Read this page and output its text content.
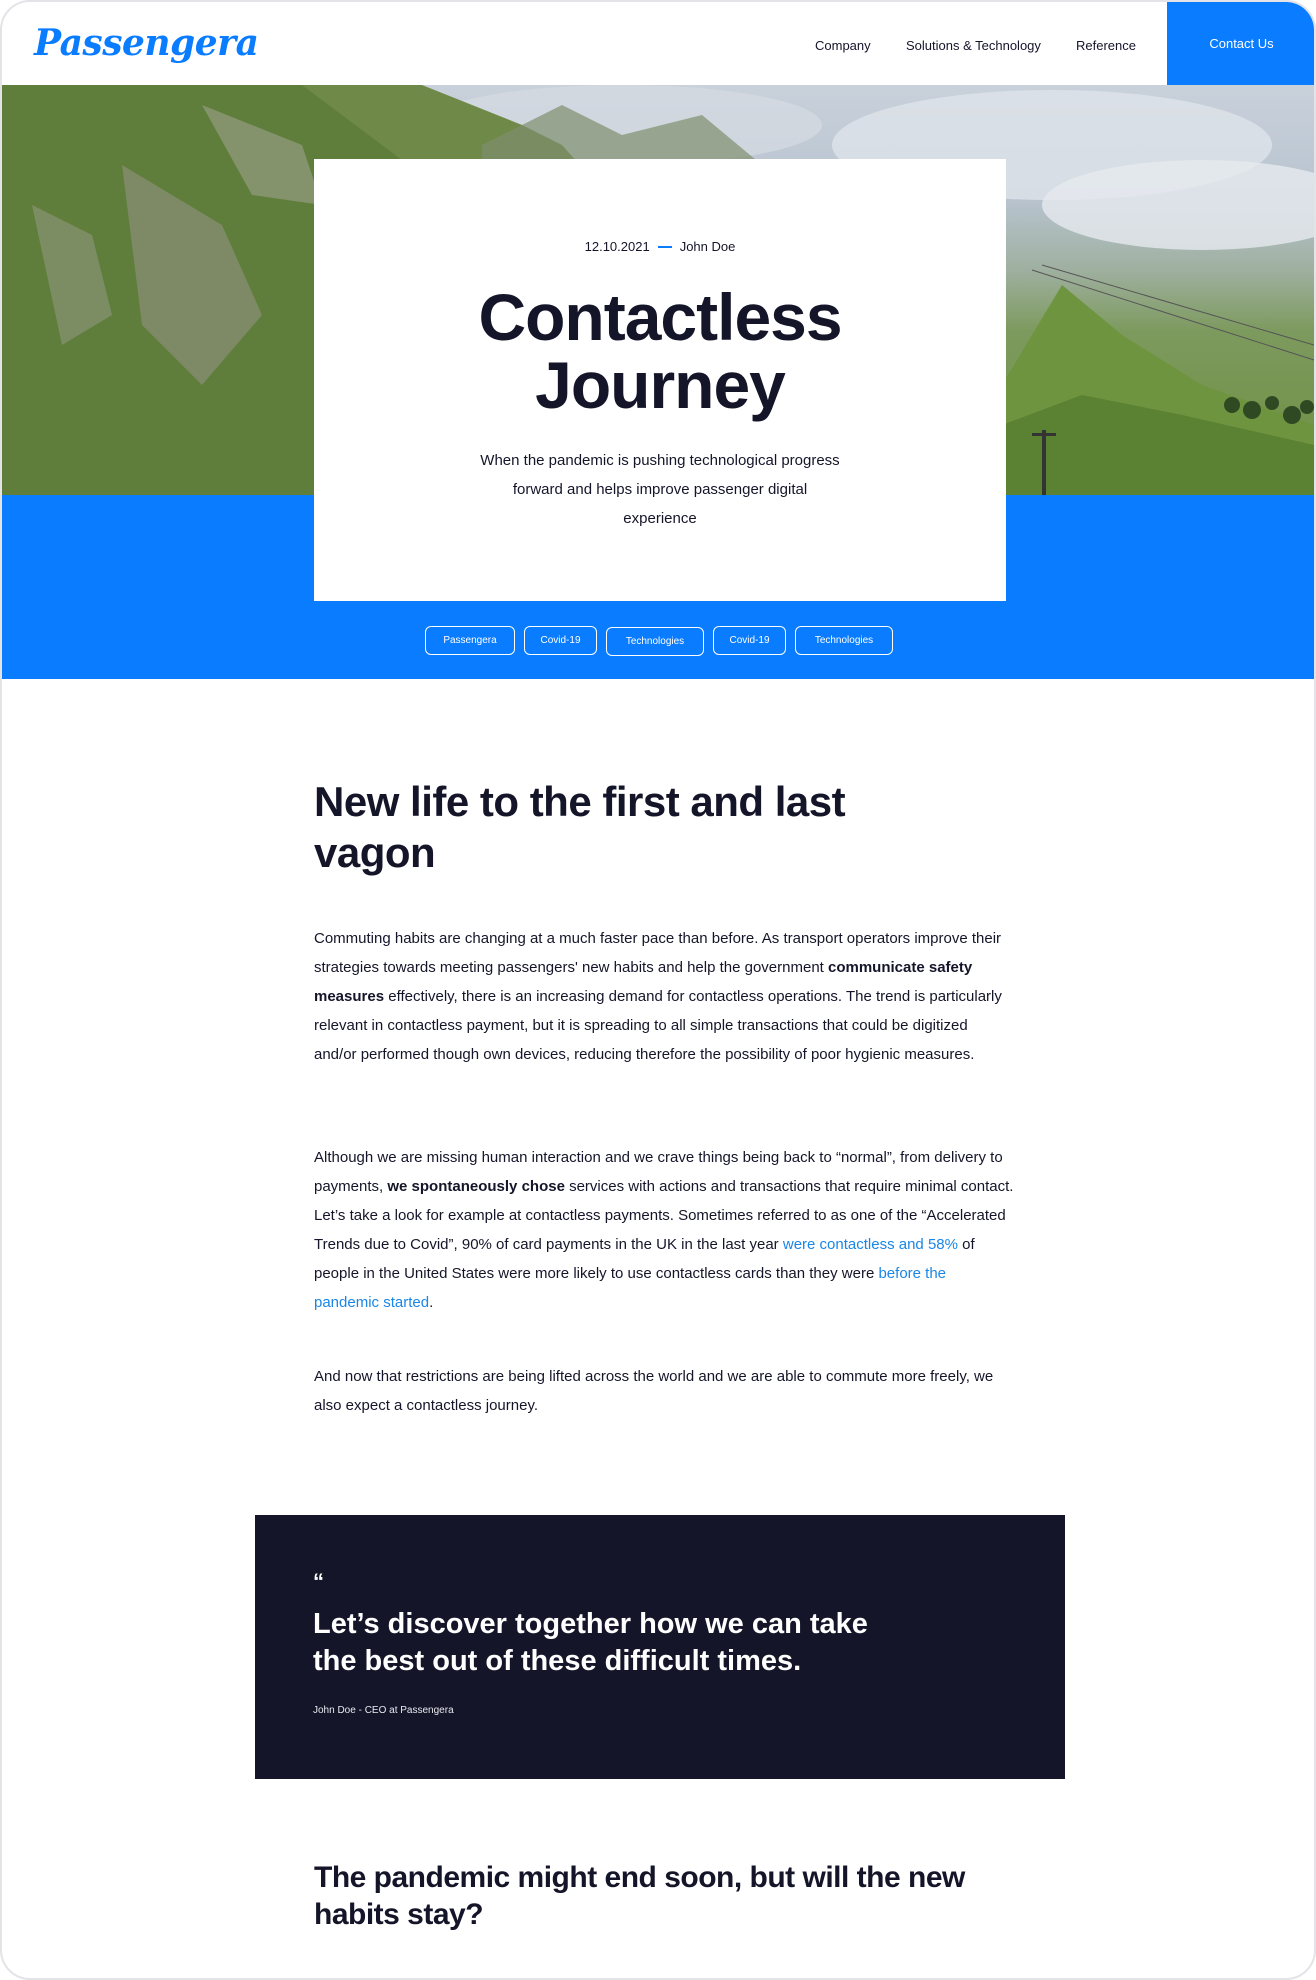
Passengera	Company	Solutions & Technology	Reference	Contact Us
12.10.2021 John Doe
Contactless
Journey
When the pandemic is pushing technological progress forward and helps improve passenger digital experience
Passengera	Covid-19	Technologies	Covid-19	Technologies
New life to the first and last vagon
Commuting habits are changing at a much faster pace than before. As transport operators improve their strategies towards meeting passengers' new habits and help the government communicate safety measures effectively, there is an increasing demand for contactless operations. The trend is particularly relevant in contactless payment, but it is spreading to all simple transactions that could be digitized and/or performed though own devices, reducing therefore the possibility of poor hygienic measures.
Although we are missing human interaction and we crave things being back to “normal”, from delivery to payments, we spontaneously chose services with actions and transactions that require minimal contact. Let’s take a look for example at contactless payments. Sometimes referred to as one of the “Accelerated Trends due to Covid”, 90% of card payments in the UK in the last year were contactless and 58% of people in the United States were more likely to use contactless cards than they were before the pandemic started.
And now that restrictions are being lifted across the world and we are able to commute more freely, we also expect a contactless journey.
“
Let’s discover together how we can take the best out of these difficult times.
John Doe - CEO at Passengera
The pandemic might end soon, but will the new habits stay?
